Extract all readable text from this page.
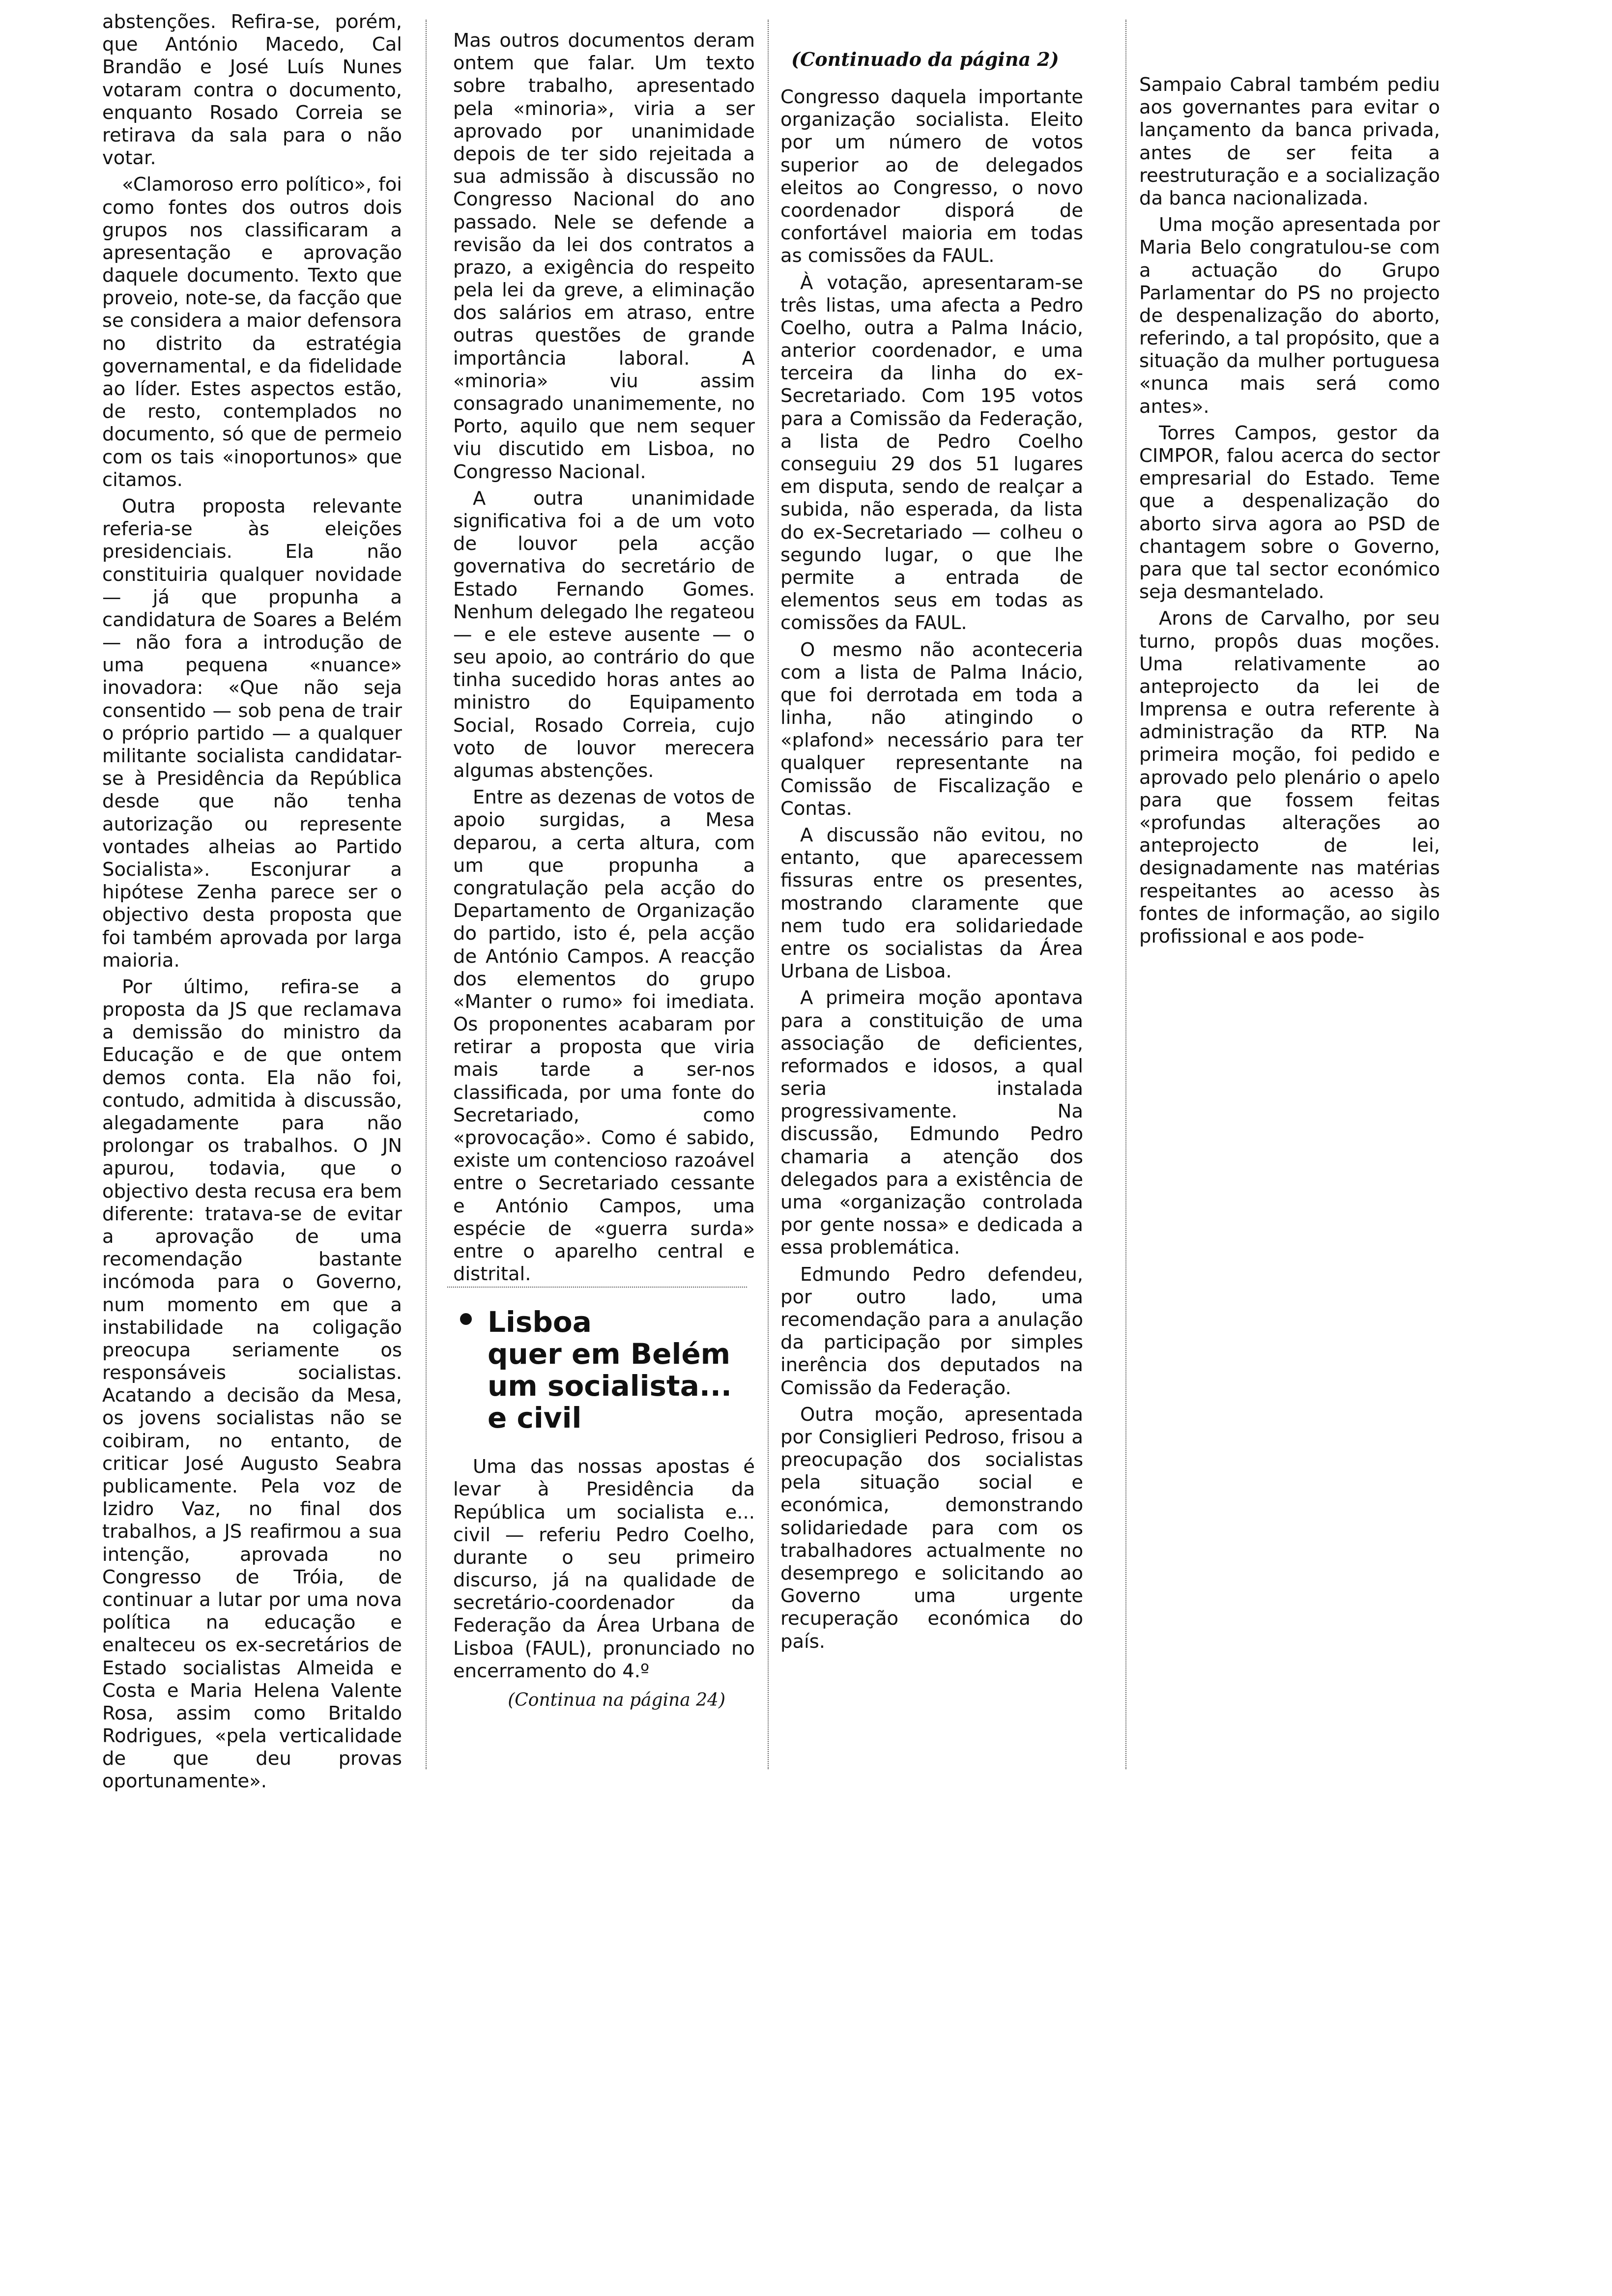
(Continuado da página 2)

abstenções. Refira-se, porém, que António Macedo, Cal Brandão e José Luís Nunes votaram contra o documento, enquanto Rosado Correia se retirava da sala para o não votar.

«Clamoroso erro político», foi como fontes dos outros dois grupos nos classificaram a apresentação e aprovação daquele documento. Texto que proveio, note-se, da facção que se considera a maior defensora no distrito da estratégia governamental, e da fidelidade ao líder. Estes aspectos estão, de resto, contemplados no documento, só que de permeio com os tais «inoportunos» que citamos.

Outra proposta relevante referia-se às eleições presidenciais. Ela não constituiria qualquer novidade — já que propunha a candidatura de Soares a Belém — não fora a introdução de uma pequena «nuance» inovadora: «Que não seja consentido — sob pena de trair o próprio partido — a qualquer militante socialista candidatar-se à Presidência da República desde que não tenha autorização ou represente vontades alheias ao Partido Socialista». Esconjurar a hipótese Zenha parece ser o objectivo desta proposta que foi também aprovada por larga maioria.

Por último, refira-se a proposta da JS que reclamava a demissão do ministro da Educação e de que ontem demos conta. Ela não foi, contudo, admitida à discussão, alegadamente para não prolongar os trabalhos. O JN apurou, todavia, que o objectivo desta recusa era bem diferente: tratava-se de evitar a aprovação de uma recomendação bastante incómoda para o Governo, num momento em que a instabilidade na coligação preocupa seriamente os responsáveis socialistas. Acatando a decisão da Mesa, os jovens socialistas não se coibiram, no entanto, de criticar José Augusto Seabra publicamente. Pela voz de Izidro Vaz, no final dos trabalhos, a JS reafirmou a sua intenção, aprovada no Congresso de Tróia, de continuar a lutar por uma nova política na educação e enalteceu os ex-secretários de Estado socialistas Almeida e Costa e Maria Helena Valente Rosa, assim como Britaldo Rodrigues, «pela verticalidade de que deu provas oportunamente».

Mas outros documentos deram ontem que falar. Um texto sobre trabalho, apresentado pela «minoria», viria a ser aprovado por unanimidade depois de ter sido rejeitada a sua admissão à discussão no Congresso Nacional do ano passado. Nele se defende a revisão da lei dos contratos a prazo, a exigência do respeito pela lei da greve, a eliminação dos salários em atraso, entre outras questões de grande importância laboral. A «minoria» viu assim consagrado unanimemente, no Porto, aquilo que nem sequer viu discutido em Lisboa, no Congresso Nacional.

A outra unanimidade significativa foi a de um voto de louvor pela acção governativa do secretário de Estado Fernando Gomes. Nenhum delegado lhe regateou — e ele esteve ausente — o seu apoio, ao contrário do que tinha sucedido horas antes ao ministro do Equipamento Social, Rosado Correia, cujo voto de louvor merecera algumas abstenções.

Entre as dezenas de votos de apoio surgidas, a Mesa deparou, a certa altura, com um que propunha a congratulação pela acção do Departamento de Organização do partido, isto é, pela acção de António Campos. A reacção dos elementos do grupo «Manter o rumo» foi imediata. Os proponentes acabaram por retirar a proposta que viria mais tarde a ser-nos classificada, por uma fonte do Secretariado, como «provocação». Como é sabido, existe um contencioso razoável entre o Secretariado cessante e António Campos, uma espécie de «guerra surda» entre o aparelho central e distrital.

Lisboa
quer em Belém
um socialista...
e civil

Uma das nossas apostas é levar à Presidência da República um socialista e... civil — referiu Pedro Coelho, durante o seu primeiro discurso, já na qualidade de secretário-coordenador da Federação da Área Urbana de Lisboa (FAUL), pronunciado no encerramento do 4.º

(Continua na página 24)

Congresso daquela importante organização socialista. Eleito por um número de votos superior ao de delegados eleitos ao Congresso, o novo coordenador disporá de confortável maioria em todas as comissões da FAUL.

À votação, apresentaram-se três listas, uma afecta a Pedro Coelho, outra a Palma Inácio, anterior coordenador, e uma terceira da linha do ex-Secretariado. Com 195 votos para a Comissão da Federação, a lista de Pedro Coelho conseguiu 29 dos 51 lugares em disputa, sendo de realçar a subida, não esperada, da lista do ex-Secretariado — colheu o segundo lugar, o que lhe permite a entrada de elementos seus em todas as comissões da FAUL.

O mesmo não aconteceria com a lista de Palma Inácio, que foi derrotada em toda a linha, não atingindo o «plafond» necessário para ter qualquer representante na Comissão de Fiscalização e Contas.

A discussão não evitou, no entanto, que aparecessem fissuras entre os presentes, mostrando claramente que nem tudo era solidariedade entre os socialistas da Área Urbana de Lisboa.

A primeira moção apontava para a constituição de uma associação de deficientes, reformados e idosos, a qual seria instalada progressivamente. Na discussão, Edmundo Pedro chamaria a atenção dos delegados para a existência de uma «organização controlada por gente nossa» e dedicada a essa problemática.

Edmundo Pedro defendeu, por outro lado, uma recomendação para a anulação da participação por simples inerência dos deputados na Comissão da Federação.

Outra moção, apresentada por Consiglieri Pedroso, frisou a preocupação dos socialistas pela situação social e económica, demonstrando solidariedade para com os trabalhadores actualmente no desemprego e solicitando ao Governo uma urgente recuperação económica do país.

Sampaio Cabral também pediu aos governantes para evitar o lançamento da banca privada, antes de ser feita a reestruturação e a socialização da banca nacionalizada.

Uma moção apresentada por Maria Belo congratulou-se com a actuação do Grupo Parlamentar do PS no projecto de despenalização do aborto, referindo, a tal propósito, que a situação da mulher portuguesa «nunca mais será como antes».

Torres Campos, gestor da CIMPOR, falou acerca do sector empresarial do Estado. Teme que a despenalização do aborto sirva agora ao PSD de chantagem sobre o Governo, para que tal sector económico seja desmantelado.

Arons de Carvalho, por seu turno, propôs duas moções. Uma relativamente ao anteprojecto da lei de Imprensa e outra referente à administração da RTP. Na primeira moção, foi pedido e aprovado pelo plenário o apelo para que fossem feitas «profundas alterações ao anteprojecto de lei, designadamente nas matérias respeitantes ao acesso às fontes de informação, ao sigilo profissional e aos pode-
